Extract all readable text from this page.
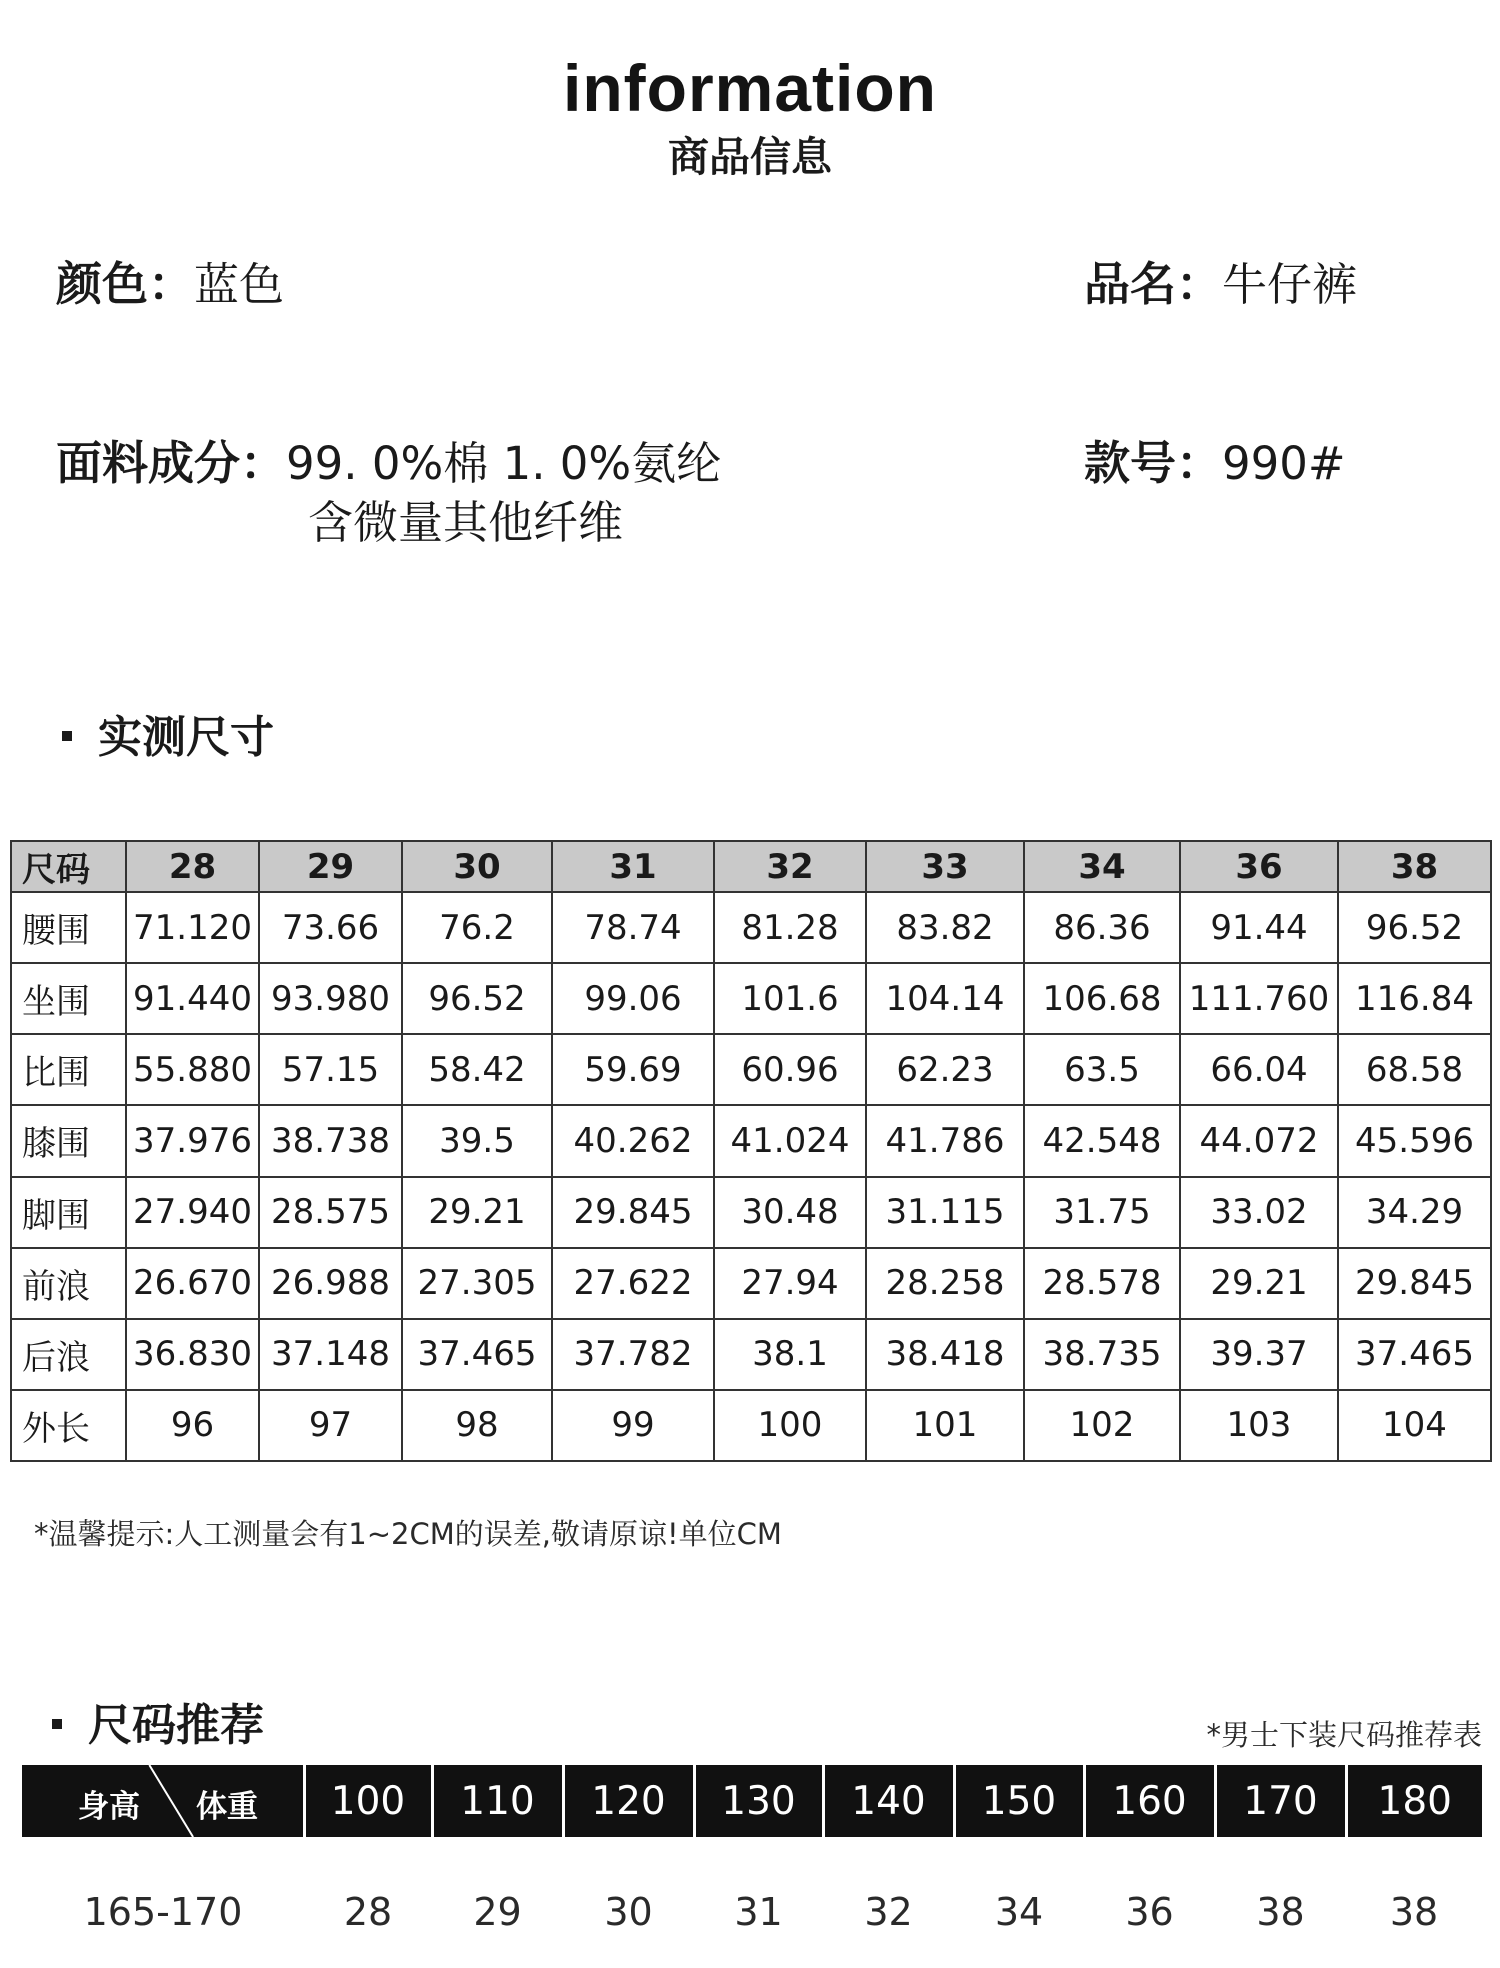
information
商品信息
颜色：蓝色	品名：牛仔裤
面料成分：99. 0%棉 1. 0%氨纶
含微量其他纤维
款号：990#
实测尺寸
尺码	28	29	30	31	32	33	34	36	38
腰围	71.120	73.66	76.2	78.74	81.28	83.82	86.36	91.44	96.52
坐围	91.440	93.980	96.52	99.06	101.6	104.14	106.68	111.760	116.84
比围	55.880	57.15	58.42	59.69	60.96	62.23	63.5	66.04	68.58
膝围	37.976	38.738	39.5	40.262	41.024	41.786	42.548	44.072	45.596
脚围	27.940	28.575	29.21	29.845	30.48	31.115	31.75	33.02	34.29
前浪	26.670	26.988	27.305	27.622	27.94	28.258	28.578	29.21	29.845
后浪	36.830	37.148	37.465	37.782	38.1	38.418	38.735	39.37	37.465
外长	96	97	98	99	100	101	102	103	104
*温馨提示:人工测量会有1~2CM的误差,敬请原谅!单位CM
尺码推荐	*男士下装尺码推荐表
身高 体重	100	110	120	130	140	150	160	170	180
165-170	28	29	30	31	32	34	36	38	38
